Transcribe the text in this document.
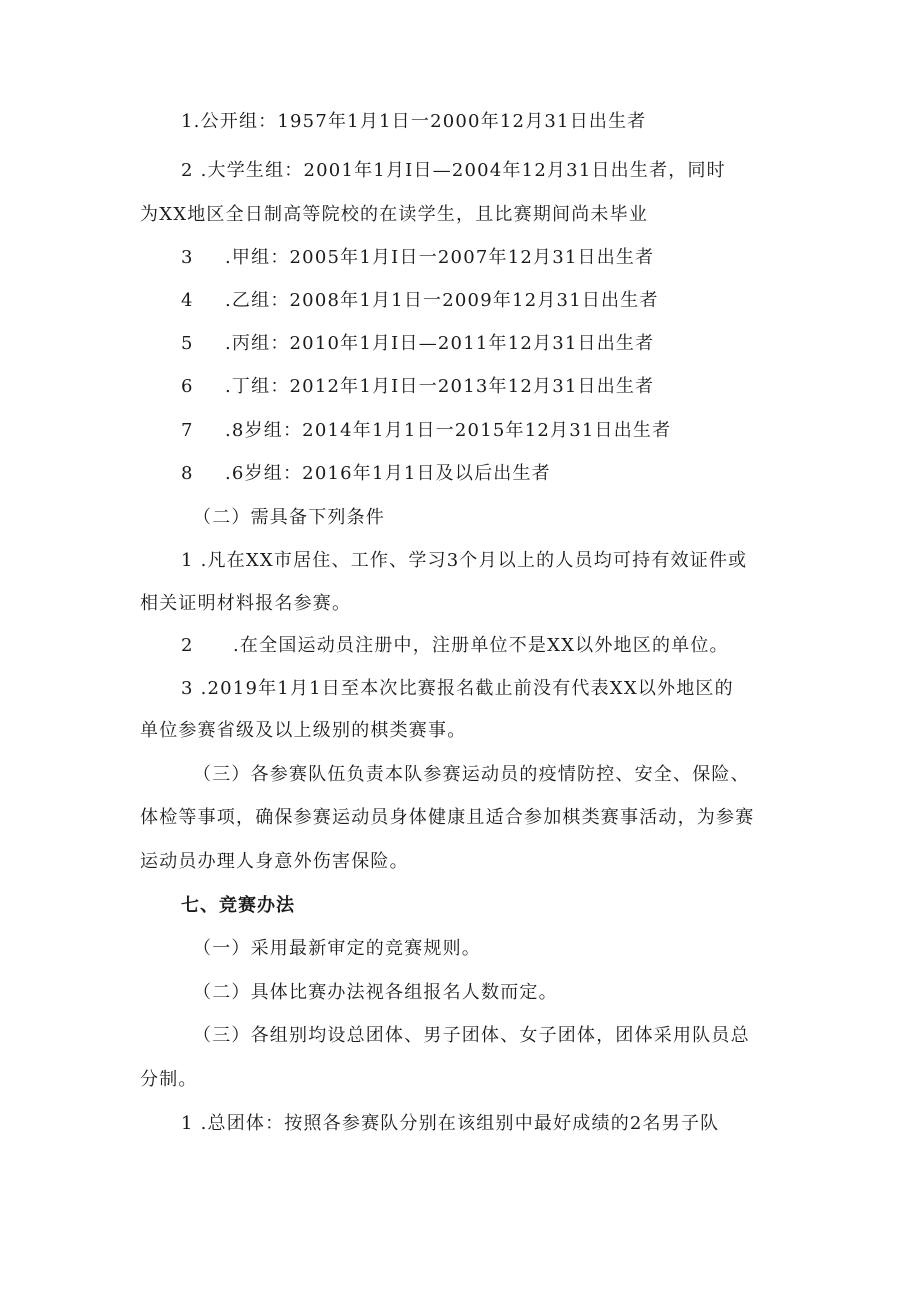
1.公开组：1957年1月1日一2000年12月31日出生者
2 .大学生组：2001年1月I日—2004年12月31日出生者，同时
为XX地区全日制高等院校的在读学生，且比赛期间尚未毕业
3 .甲组：2005年1月I日一2007年12月31日出生者
4 .乙组：2008年1月1日一2009年12月31日出生者
5 .丙组：2010年1月I日—2011年12月31日出生者
6 .丁组：2012年1月I日一2013年12月31日出生者
7 .8岁组：2014年1月1日一2015年12月31日出生者
8 .6岁组：2016年1月1日及以后出生者
（二）需具备下列条件
1 .凡在XX市居住、工作、学习3个月以上的人员均可持有效证件或
相关证明材料报名参赛。
2 .在全国运动员注册中，注册单位不是XX以外地区的单位。
3 .2019年1月1日至本次比赛报名截止前没有代表XX以外地区的
单位参赛省级及以上级别的棋类赛事。
（三）各参赛队伍负责本队参赛运动员的疫情防控、安全、保险、
体检等事项，确保参赛运动员身体健康且适合参加棋类赛事活动，为参赛
运动员办理人身意外伤害保险。
七、竞赛办法
（一）采用最新审定的竞赛规则。
（二）具体比赛办法视各组报名人数而定。
（三）各组别均设总团体、男子团体、女子团体，团体采用队员总
分制。
1 .总团体：按照各参赛队分别在该组别中最好成绩的2名男子队
